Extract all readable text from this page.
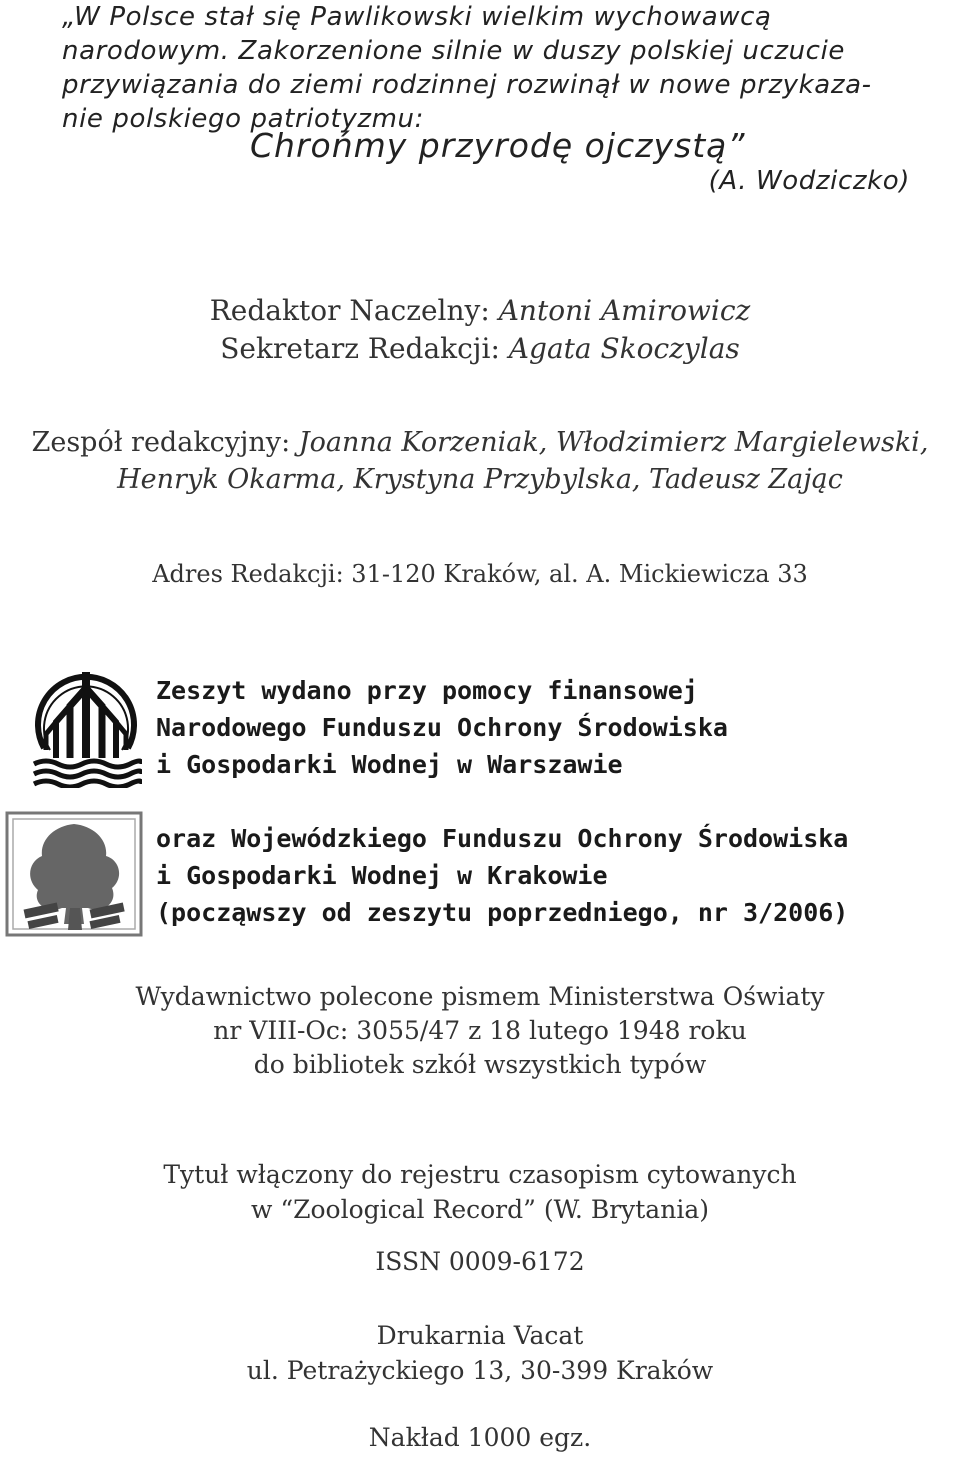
„W Polsce stał się Pawlikowski wielkim wychowawcą
narodowym. Zakorzenione silnie w duszy polskiej uczucie
przywiązania do ziemi rodzinnej rozwinął w nowe przykaza-
nie polskiego patriotyzmu:
Chrońmy przyrodę ojczystą”
(A. Wodziczko)
Redaktor Naczelny: Antoni Amirowicz
Sekretarz Redakcji: Agata Skoczylas
Zespół redakcyjny: Joanna Korzeniak, Włodzimierz Margielewski,
Henryk Okarma, Krystyna Przybylska, Tadeusz Zając
Adres Redakcji: 31-120 Kraków, al. A. Mickiewicza 33
Zeszyt wydano przy pomocy finansowej
Narodowego Funduszu Ochrony Środowiska
i Gospodarki Wodnej w Warszawie
oraz Wojewódzkiego Funduszu Ochrony Środowiska
i Gospodarki Wodnej w Krakowie
(począwszy od zeszytu poprzedniego, nr 3/2006)
Wydawnictwo polecone pismem Ministerstwa Oświaty
nr VIII-Oc: 3055/47 z 18 lutego 1948 roku
do bibliotek szkół wszystkich typów
Tytuł włączony do rejestru czasopism cytowanych
w “Zoological Record” (W. Brytania)
ISSN 0009-6172
Drukarnia Vacat
ul. Petrażyckiego 13, 30-399 Kraków
Nakład 1000 egz.
